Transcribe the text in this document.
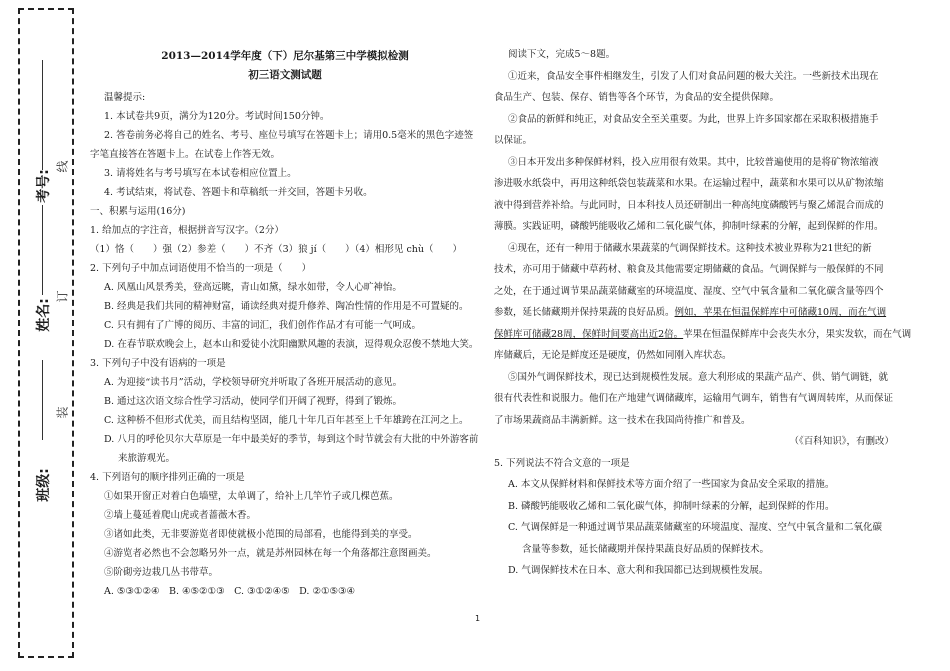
考号:
姓名:
班级:
线
订
装
2013—2014学年度（下）尼尔基第三中学模拟检测
初三语文测试题

温馨提示:

1. 本试卷共9页，满分为120分。考试时间150分钟。

2. 答卷前务必将自己的姓名、考号、座位号填写在答题卡上；请用0.5毫米的黑色字迹签

字笔直接答在答题卡上。在试卷上作答无效。

3. 请将姓名与考号填写在本试卷相应位置上。

4. 考试结束，将试卷、答题卡和草稿纸一并交回，答题卡另收。

一、积累与运用(16分)

1. 给加点的字注音，根据拼音写汉字。（2分）

（1）恪（　　）强（2）参差（　　）不齐（3）狼 jí（　　）（4）相形见 chù（　　）

2. 下列句子中加点词语使用不恰当的一项是（　　）

A. 风凰山风景秀美，登高远眺，青山如黛，绿水如带，令人心旷神怡。

B. 经典是我们共同的精神财富，诵读经典对提升修养、陶冶性情的作用是不可置疑的。

C. 只有拥有了广博的阅历、丰富的词汇，我们创作作品才有可能一气呵成。

D. 在春节联欢晚会上，赵本山和爱徒小沈阳幽默风趣的表演，逗得观众忍俊不禁地大笑。

3. 下列句子中没有语病的一项是

A. 为迎接“读书月”活动，学校领导研究并听取了各班开展活动的意见。

B. 通过这次语文综合性学习活动，使同学们开阔了视野，得到了锻炼。

C. 这种桥不但形式优美，而且结构坚固，能几十年几百年甚至上千年雄跨在江河之上。

D. 八月的呼伦贝尔大草原是一年中最美好的季节，每到这个时节就会有大批的中外游客前

来旅游观光。

4. 下列语句的顺序排列正确的一项是

①如果开窗正对着白色墙壁，太单调了，给补上几竿竹子或几棵芭蕉。

②墙上蔓延着爬山虎或者蔷薇木香。

③诸如此类，无非要游览者即使就极小范围的局部看，也能得到美的享受。

④游览者必然也不会忽略另外一点，就是苏州园林在每一个角落都注意图画美。

⑤阶砌旁边栽几丛书带草。

A. ⑤③①②④　B. ④⑤②①③　C. ③①②④⑤　D. ②①⑤③④

阅读下文，完成5～8题。

①近来，食品安全事件相继发生，引发了人们对食品问题的极大关注。一些新技术出现在

食品生产、包装、保存、销售等各个环节，为食品的安全提供保障。

②食品的新鲜和纯正，对食品安全至关重要。为此，世界上许多国家都在采取积极措施手

以保证。

③日本开发出多种保鲜材料，投入应用很有效果。其中，比较普遍使用的是将矿物浓缩液

渗进吸水纸袋中，再用这种纸袋包装蔬菜和水果。在运输过程中，蔬菜和水果可以从矿物浓缩

液中得到营养补给。与此同时，日本科技人员还研制出一种高纯度磷酸钙与聚乙烯混合而成的

薄膜。实践证明，磷酸钙能吸收乙烯和二氧化碳气体，抑制叶绿素的分解，起到保鲜的作用。

④现在，还有一种用于储藏水果蔬菜的气调保鲜技术。这种技术被业界称为21世纪的新

技术，亦可用于储藏中草药材、粮食及其他需要定期储藏的食品。气调保鲜与一般保鲜的不同

之处，在于通过调节果品蔬菜储藏室的环境温度、湿度、空气中氧含量和二氧化碳含量等四个

参数，延长储藏期并保持果蔬的良好品质。例如，苹果在恒温保鲜库中可储藏10周，而在气调

保鲜库可储藏28周，保鲜时间要高出近2倍。苹果在恒温保鲜库中会丧失水分，果实发软，而在气调

库储藏后，无论是鲜度还是硬度，仍然如同刚入库状态。

⑤国外气调保鲜技术，现已达到规模性发展。意大利形成的果蔬产品产、供、销气调链，就

很有代表性和说服力。他们在产地建气调储藏库，运输用气调车，销售有气调周转库，从而保证

了市场果蔬商品丰满新鲜。这一技术在我国尚待推广和普及。

（《百科知识》，有删改）

5. 下列说法不符合文意的一项是

A. 本文从保鲜材料和保鲜技术等方面介绍了一些国家为食品安全采取的措施。

B. 磷酸钙能吸收乙烯和二氧化碳气体，抑制叶绿素的分解，起到保鲜的作用。

C. 气调保鲜是一种通过调节果品蔬菜储藏室的环境温度、湿度、空气中氧含量和二氧化碳

含量等参数，延长储藏期并保持果蔬良好品质的保鲜技术。

D. 气调保鲜技术在日本、意大利和我国都已达到规模性发展。

1
